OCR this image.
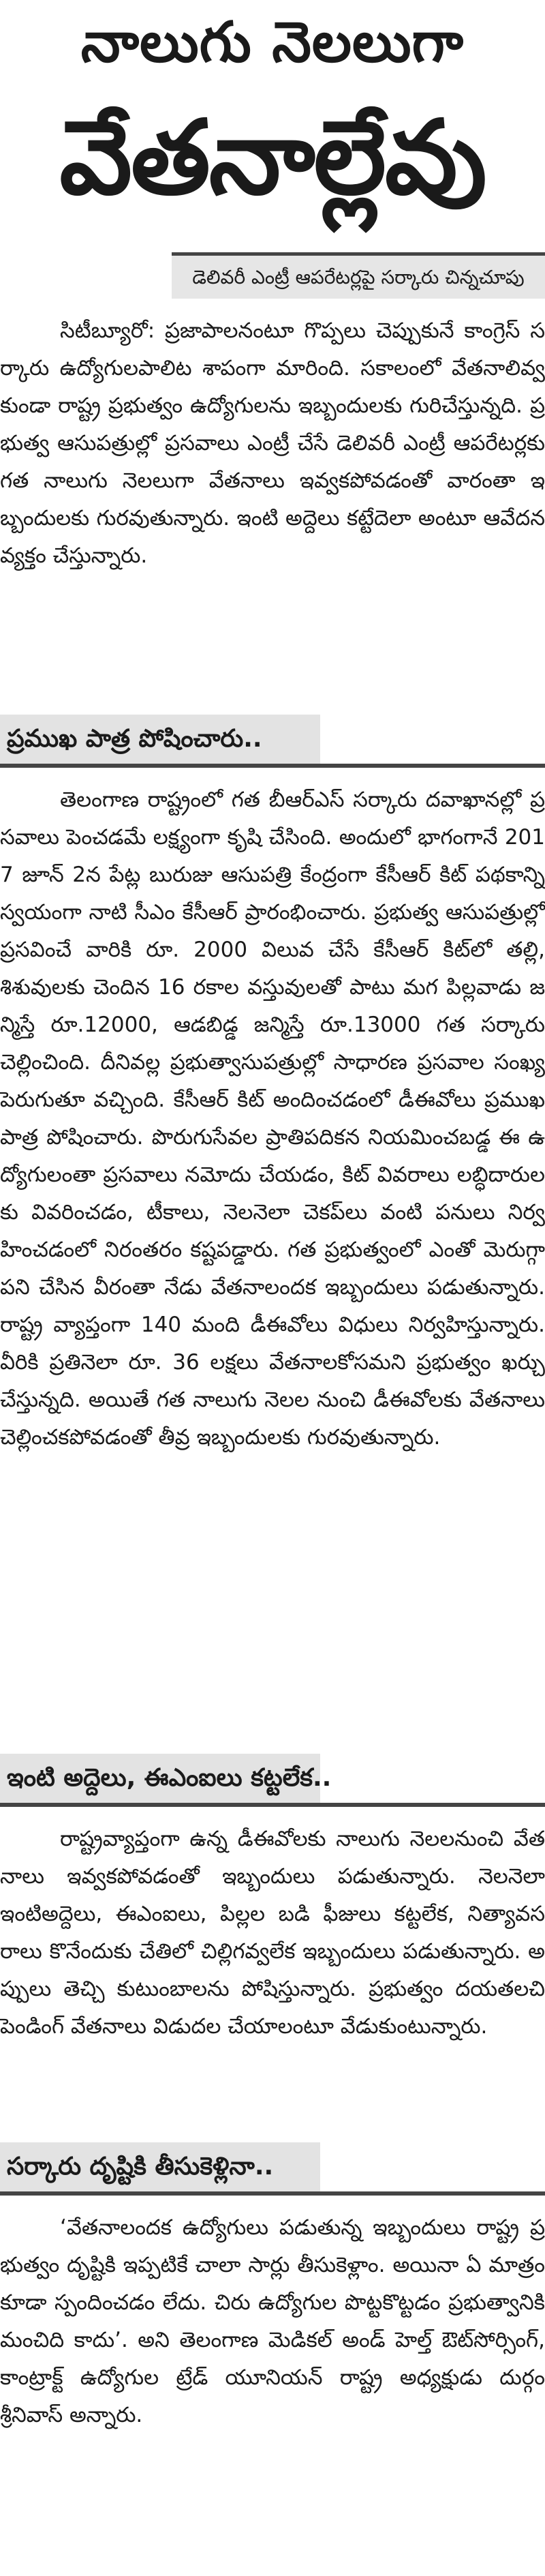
నాలుగు నెలలుగా
వేతనాల్లేవు
డెలివరీ ఎంట్రీ ఆపరేటర్లపై సర్కారు చిన్నచూపు

సిటీబ్యూరో: ప్రజాపాలనంటూ గొప్పలు చెప్పుకునే కాంగ్రెస్ సర్కారు ఉద్యోగులపాలిట శాపంగా మారింది. సకాలంలో వేతనాలివ్వకుండా రాష్ట్ర ప్రభుత్వం ఉద్యోగులను ఇబ్బందులకు గురిచేస్తున్నది. ప్రభుత్వ ఆసుపత్రుల్లో ప్రసవాలు ఎంట్రీ చేసే డెలివరీ ఎంట్రీ ఆపరేటర్లకు గత నాలుగు నెలలుగా వేతనాలు ఇవ్వకపోవడంతో వారంతా ఇబ్బందులకు గురవుతున్నారు. ఇంటి అద్దెలు కట్టేదెలా అంటూ ఆవేదన వ్యక్తం చేస్తున్నారు.

ప్రముఖ పాత్ర పోషించారు..

తెలంగాణ రాష్ట్రంలో గత బీఆర్ఎస్ సర్కారు దవాఖానల్లో ప్రసవాలు పెంచడమే లక్ష్యంగా కృషి చేసింది. అందులో భాగంగానే 2017 జూన్ 2న పేట్ల బురుజు ఆసుపత్రి కేంద్రంగా కేసీఆర్ కిట్ పథకాన్ని స్వయంగా నాటి సీఎం కేసీఆర్ ప్రారంభించారు. ప్రభుత్వ ఆసుపత్రుల్లో ప్రసవించే వారికి రూ. 2000 విలువ చేసే కేసీఆర్ కిట్‌లో తల్లి, శిశువులకు చెందిన 16 రకాల వస్తువులతో పాటు మగ పిల్లవాడు జన్మిస్తే రూ.12000, ఆడబిడ్డ జన్మిస్తే రూ.13000 గత సర్కారు చెల్లించింది. దీనివల్ల ప్రభుత్వాసుపత్రుల్లో సాధారణ ప్రసవాల సంఖ్య పెరుగుతూ వచ్చింది. కేసీఆర్ కిట్ అందించడంలో డీఈవోలు ప్రముఖ పాత్ర పోషించారు. పొరుగుసేవల ప్రాతిపదికన నియమించబడ్డ ఈ ఉద్యోగులంతా ప్రసవాలు నమోదు చేయడం, కిట్ వివరాలు లబ్ధిదారులకు వివరించడం, టీకాలు, నెలనెలా చెకప్‌లు వంటి పనులు నిర్వహించడంలో నిరంతరం కష్టపడ్డారు. గత ప్రభుత్వంలో ఎంతో మెరుగ్గా పని చేసిన వీరంతా నేడు వేతనాలందక ఇబ్బందులు పడుతున్నారు. రాష్ట్ర వ్యాప్తంగా 140 మంది డీఈవోలు విధులు నిర్వహిస్తున్నారు. వీరికి ప్రతినెలా రూ. 36 లక్షలు వేతనాలకోసమని ప్రభుత్వం ఖర్చు చేస్తున్నది. అయితే గత నాలుగు నెలల నుంచి డీఈవోలకు వేతనాలు చెల్లించకపోవడంతో తీవ్ర ఇబ్బందులకు గురవుతున్నారు.

ఇంటి అద్దెలు, ఈఎంఐలు కట్టలేక..

రాష్ట్రవ్యాప్తంగా ఉన్న డీఈవోలకు నాలుగు నెలలనుంచి వేతనాలు ఇవ్వకపోవడంతో ఇబ్బందులు పడుతున్నారు. నెలనెలా ఇంటిఅద్దెలు, ఈఎంఐలు, పిల్లల బడి ఫీజులు కట్టలేక, నిత్యావసరాలు కొనేందుకు చేతిలో చిల్లిగవ్వలేక ఇబ్బందులు పడుతున్నారు. అప్పులు తెచ్చి కుటుంబాలను పోషిస్తున్నారు. ప్రభుత్వం దయతలచి పెండింగ్ వేతనాలు విడుదల చేయాలంటూ వేడుకుంటున్నారు.

సర్కారు దృష్టికి తీసుకెళ్లినా..

‘వేతనాలందక ఉద్యోగులు పడుతున్న ఇబ్బందులు రాష్ట్ర ప్రభుత్వం దృష్టికి ఇప్పటికే చాలా సార్లు తీసుకెళ్లాం. అయినా ఏ మాత్రం కూడా స్పందించడం లేదు. చిరు ఉద్యోగుల పొట్టకొట్టడం ప్రభుత్వానికి మంచిది కాదు’. అని తెలంగాణ మెడికల్ అండ్ హెల్త్ ఔట్‌సోర్సింగ్, కాంట్రాక్ట్ ఉద్యోగుల ట్రేడ్ యూనియన్ రాష్ట్ర అధ్యక్షుడు దుర్గం శ్రీనివాస్ అన్నారు.
